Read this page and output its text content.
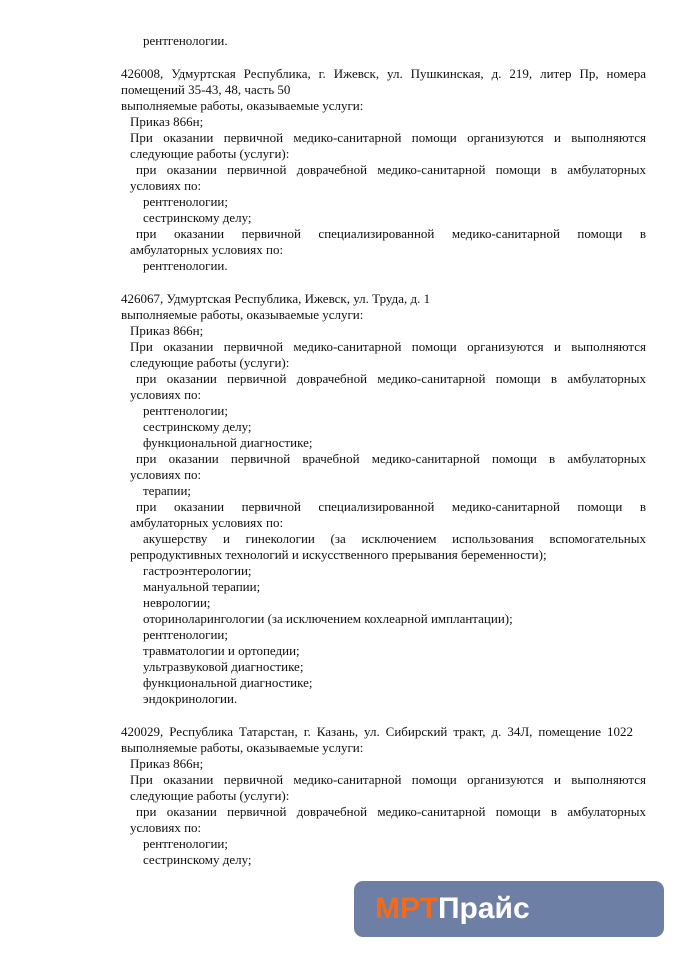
рентгенологии.
426008, Удмуртская Республика, г. Ижевск, ул. Пушкинская, д. 219, литер Пр, номера
помещений 35-43, 48, часть 50
выполняемые работы, оказываемые услуги:
Приказ 866н;
При оказании первичной медико-санитарной помощи организуются и выполняются
следующие работы (услуги):
при оказании первичной доврачебной медико-санитарной помощи в амбулаторных
условиях по:
рентгенологии;
сестринскому делу;
при оказании первичной специализированной медико-санитарной помощи в
амбулаторных условиях по:
рентгенологии.
426067, Удмуртская Республика, Ижевск, ул. Труда, д. 1
выполняемые работы, оказываемые услуги:
Приказ 866н;
При оказании первичной медико-санитарной помощи организуются и выполняются
следующие работы (услуги):
при оказании первичной доврачебной медико-санитарной помощи в амбулаторных
условиях по:
рентгенологии;
сестринскому делу;
функциональной диагностике;
при оказании первичной врачебной медико-санитарной помощи в амбулаторных
условиях по:
терапии;
при оказании первичной специализированной медико-санитарной помощи в
амбулаторных условиях по:
акушерству и гинекологии (за исключением использования вспомогательных
репродуктивных технологий и искусственного прерывания беременности);
гастроэнтерологии;
мануальной терапии;
неврологии;
оториноларингологии (за исключением кохлеарной имплантации);
рентгенологии;
травматологии и ортопедии;
ультразвуковой диагностике;
функциональной диагностике;
эндокринологии.
420029, Республика Татарстан, г. Казань, ул. Сибирский тракт, д. 34Л, помещение 1022
выполняемые работы, оказываемые услуги:
Приказ 866н;
При оказании первичной медико-санитарной помощи организуются и выполняются
следующие работы (услуги):
при оказании первичной доврачебной медико-санитарной помощи в амбулаторных
условиях по:
рентгенологии;
сестринскому делу;
МРТПрайс
